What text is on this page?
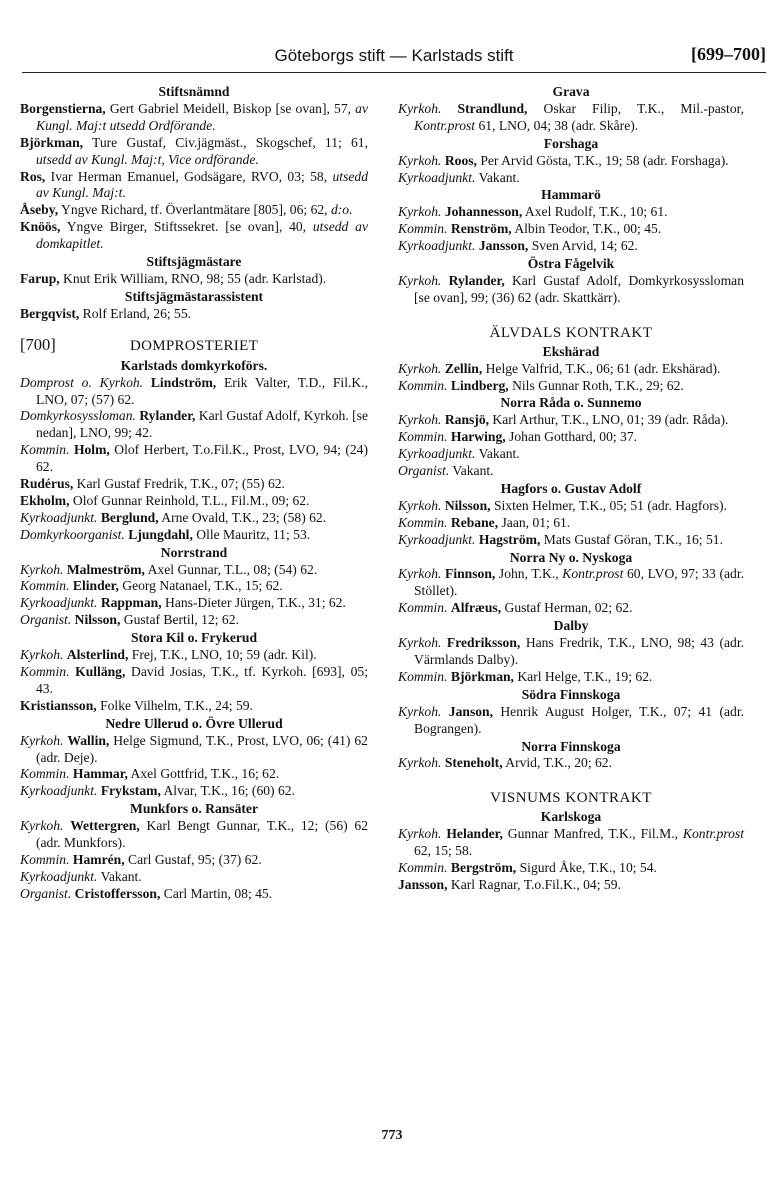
Göteborgs stift — Karlstads stift	[699–700]
Stiftsnämnd
Borgenstierna, Gert Gabriel Meidell, Biskop [se ovan], 57, av Kungl. Maj:t utsedd Ordförande.
Björkman, Ture Gustaf, Civ.jägmäst., Skogschef, 11; 61, utsedd av Kungl. Maj:t, Vice ordförande.
Ros, Ivar Herman Emanuel, Godsägare, RVO, 03; 58, utsedd av Kungl. Maj:t.
Åseby, Yngve Richard, tf. Överlantmätare [805], 06; 62, d:o.
Knöös, Yngve Birger, Stiftssekret. [se ovan], 40, utsedd av domkapitlet.
Stiftsjägmästare
Farup, Knut Erik William, RNO, 98; 55 (adr. Karlstad).
Stiftsjägmästarassistent
Bergqvist, Rolf Erland, 26; 55.
[700]	DOMPROSTERIET
Karlstads domkyrkoförs.
Domprost o. Kyrkoh. Lindström, Erik Valter, T.D., Fil.K., LNO, 07; (57) 62.
Domkyrkosyssloman. Rylander, Karl Gustaf Adolf, Kyrkoh. [se nedan], LNO, 99; 42.
Kommin. Holm, Olof Herbert, T.o.Fil.K., Prost, LVO, 94; (24) 62.
Rudérus, Karl Gustaf Fredrik, T.K., 07; (55) 62.
Ekholm, Olof Gunnar Reinhold, T.L., Fil.M., 09; 62.
Kyrkoadjunkt. Berglund, Arne Ovald, T.K., 23; (58) 62.
Domkyrkoorganist. Ljungdahl, Olle Mauritz, 11; 53.
Norrstrand
Kyrkoh. Malmeström, Axel Gunnar, T.L., 08; (54) 62.
Kommin. Elinder, Georg Natanael, T.K., 15; 62.
Kyrkoadjunkt. Rappman, Hans-Dieter Jürgen, T.K., 31; 62.
Organist. Nilsson, Gustaf Bertil, 12; 62.
Stora Kil o. Frykerud
Kyrkoh. Alsterlind, Frej, T.K., LNO, 10; 59 (adr. Kil).
Kommin. Kulläng, David Josias, T.K., tf. Kyrkoh. [693], 05; 43.
Kristiansson, Folke Vilhelm, T.K., 24; 59.
Nedre Ullerud o. Övre Ullerud
Kyrkoh. Wallin, Helge Sigmund, T.K., Prost, LVO, 06; (41) 62 (adr. Deje).
Kommin. Hammar, Axel Gottfrid, T.K., 16; 62.
Kyrkoadjunkt. Frykstam, Alvar, T.K., 16; (60) 62.
Munkfors o. Ransäter
Kyrkoh. Wettergren, Karl Bengt Gunnar, T.K., 12; (56) 62 (adr. Munkfors).
Kommin. Hamrén, Carl Gustaf, 95; (37) 62.
Kyrkoadjunkt. Vakant.
Organist. Cristoffersson, Carl Martin, 08; 45.
Grava
Kyrkoh. Strandlund, Oskar Filip, T.K., Mil.-pastor, Kontr.prost 61, LNO, 04; 38 (adr. Skåre).
Forshaga
Kyrkoh. Roos, Per Arvid Gösta, T.K., 19; 58 (adr. Forshaga).
Kyrkoadjunkt. Vakant.
Hammarö
Kyrkoh. Johannesson, Axel Rudolf, T.K., 10; 61.
Kommin. Renström, Albin Teodor, T.K., 00; 45.
Kyrkoadjunkt. Jansson, Sven Arvid, 14; 62.
Östra Fågelvik
Kyrkoh. Rylander, Karl Gustaf Adolf, Domkyrkosyssloman [se ovan], 99; (36) 62 (adr. Skattkärr).
ÄLVDALS KONTRAKT
Ekshärad
Kyrkoh. Zellin, Helge Valfrid, T.K., 06; 61 (adr. Ekshärad).
Kommin. Lindberg, Nils Gunnar Roth, T.K., 29; 62.
Norra Råda o. Sunnemo
Kyrkoh. Ransjö, Karl Arthur, T.K., LNO, 01; 39 (adr. Råda).
Kommin. Harwing, Johan Gotthard, 00; 37.
Kyrkoadjunkt. Vakant.
Organist. Vakant.
Hagfors o. Gustav Adolf
Kyrkoh. Nilsson, Sixten Helmer, T.K., 05; 51 (adr. Hagfors).
Kommin. Rebane, Jaan, 01; 61.
Kyrkoadjunkt. Hagström, Mats Gustaf Göran, T.K., 16; 51.
Norra Ny o. Nyskoga
Kyrkoh. Finnson, John, T.K., Kontr.prost 60, LVO, 97; 33 (adr. Stöllet).
Kommin. Alfræus, Gustaf Herman, 02; 62.
Dalby
Kyrkoh. Fredriksson, Hans Fredrik, T.K., LNO, 98; 43 (adr. Värmlands Dalby).
Kommin. Björkman, Karl Helge, T.K., 19; 62.
Södra Finnskoga
Kyrkoh. Janson, Henrik August Holger, T.K., 07; 41 (adr. Bograngen).
Norra Finnskoga
Kyrkoh. Steneholt, Arvid, T.K., 20; 62.
VISNUMS KONTRAKT
Karlskoga
Kyrkoh. Helander, Gunnar Manfred, T.K., Fil.M., Kontr.prost 62, 15; 58.
Kommin. Bergström, Sigurd Åke, T.K., 10; 54.
Jansson, Karl Ragnar, T.o.Fil.K., 04; 59.
773
